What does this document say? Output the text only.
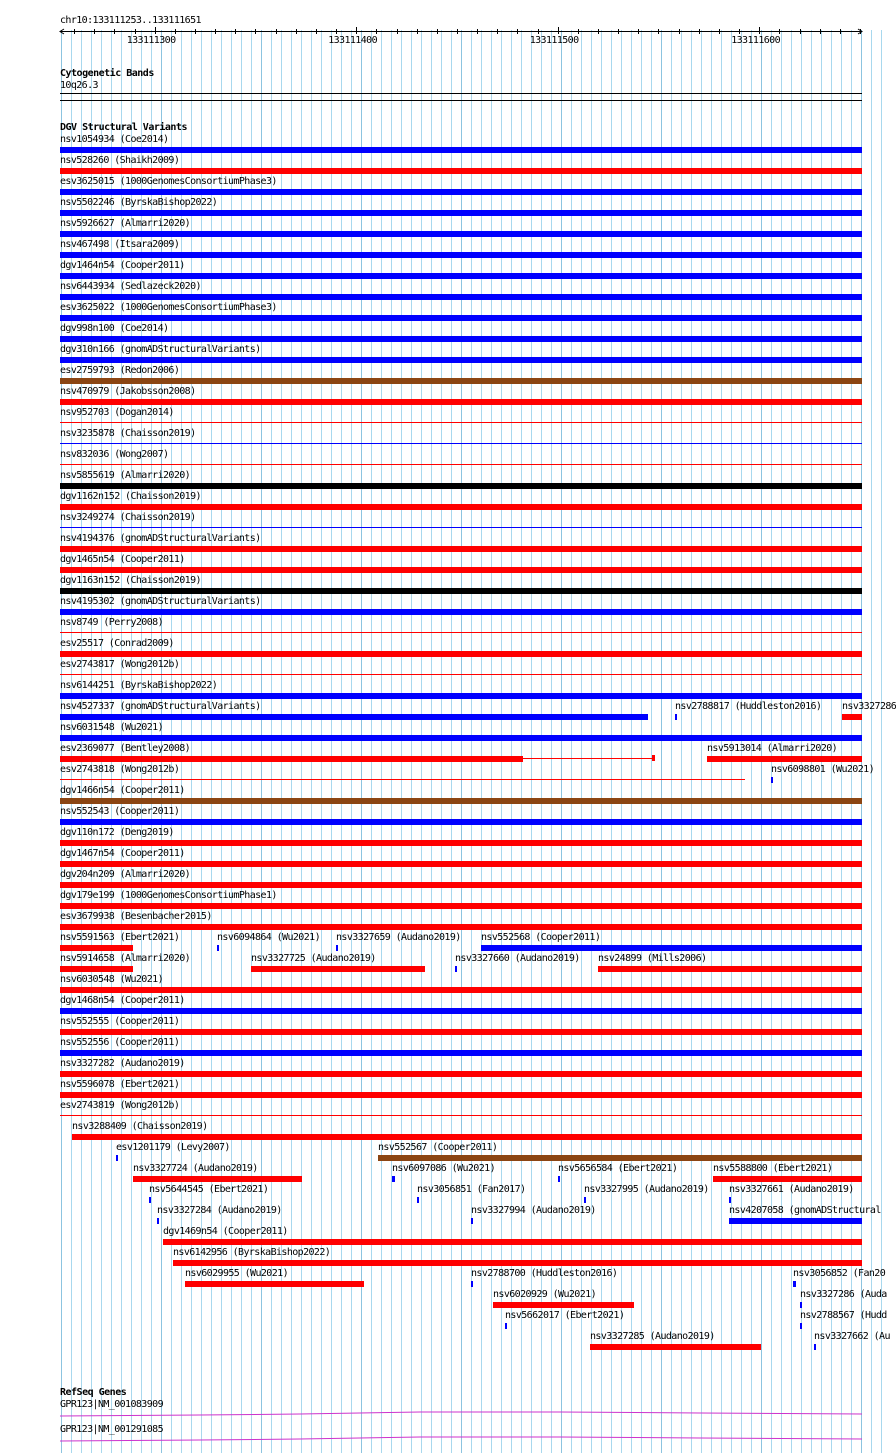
chr10:133111253..133111651
133111300	133111400	133111500	133111600
Cytogenetic Bands
10q26.3
DGV Structural Variants
nsv1054934 (Coe2014)
nsv528260 (Shaikh2009)
esv3625015 (1000GenomesConsortiumPhase3)
nsv5502246 (ByrskaBishop2022)
nsv5926627 (Almarri2020)
nsv467498 (Itsara2009)
dgv1464n54 (Cooper2011)
nsv6443934 (Sedlazeck2020)
esv3625022 (1000GenomesConsortiumPhase3)
dgv998n100 (Coe2014)
dgv310n166 (gnomADStructuralVariants)
esv2759793 (Redon2006)
nsv470979 (Jakobsson2008)
nsv952703 (Dogan2014)
nsv3235878 (Chaisson2019)
nsv832036 (Wong2007)
nsv5855619 (Almarri2020)
dgv1162n152 (Chaisson2019)
nsv3249274 (Chaisson2019)
nsv4194376 (gnomADStructuralVariants)
dgv1465n54 (Cooper2011)
dgv1163n152 (Chaisson2019)
nsv4195302 (gnomADStructuralVariants)
nsv8749 (Perry2008)
esv25517 (Conrad2009)
esv2743817 (Wong2012b)
nsv6144251 (ByrskaBishop2022)
nsv4527337 (gnomADStructuralVariants)	nsv2788817 (Huddleston2016) nsv3327286
nsv6031548 (Wu2021)
esv2369077 (Bentley2008)	nsv5913014 (Almarri2020)
esv2743818 (Wong2012b)	nsv6098801 (Wu2021)
dgv1466n54 (Cooper2011)
nsv552543 (Cooper2011)
dgv110n172 (Deng2019)
dgv1467n54 (Cooper2011)
dgv204n209 (Almarri2020)
dgv179e199 (1000GenomesConsortiumPhase1)
esv3679938 (Besenbacher2015)
nsv5591563 (Ebert2021)	nsv6094864 (Wu2021) nsv3327659 (Audano2019) nsv552568 (Cooper2011)
nsv5914658 (Almarri2020)	nsv3327725 (Audano2019)	nsv3327660 (Audano2019) nsv24899 (Mills2006)
nsv6030548 (Wu2021)
dgv1468n54 (Cooper2011)
nsv552555 (Cooper2011)
nsv552556 (Cooper2011)
nsv3327282 (Audano2019)
nsv5596078 (Ebert2021)
esv2743819 (Wong2012b)
nsv3288409 (Chaisson2019)
esv1201179 (Levy2007)	nsv552567 (Cooper2011)
nsv3327724 (Audano2019)	nsv6097086 (Wu2021)	nsv5656584 (Ebert2021)	nsv5588800 (Ebert2021)
nsv5644545 (Ebert2021)	nsv3056851 (Fan2017)	nsv3327995 (Audano2019) nsv3327661 (Audano2019)
nsv3327284 (Audano2019)	nsv3327994 (Audano2019)	nsv4207058 (gnomADStructural
dgv1469n54 (Cooper2011)
nsv6142956 (ByrskaBishop2022)
nsv6029955 (Wu2021)	nsv2788700 (Huddleston2016)	nsv3056852 (Fan20
nsv6020929 (Wu2021)	nsv3327286 (Auda
nsv5662017 (Ebert2021)	nsv2788567 (Hudd
nsv3327285 (Audano2019)	nsv3327662 (Au
RefSeq Genes
GPR123|NM_001083909
GPR123|NM_001291085
